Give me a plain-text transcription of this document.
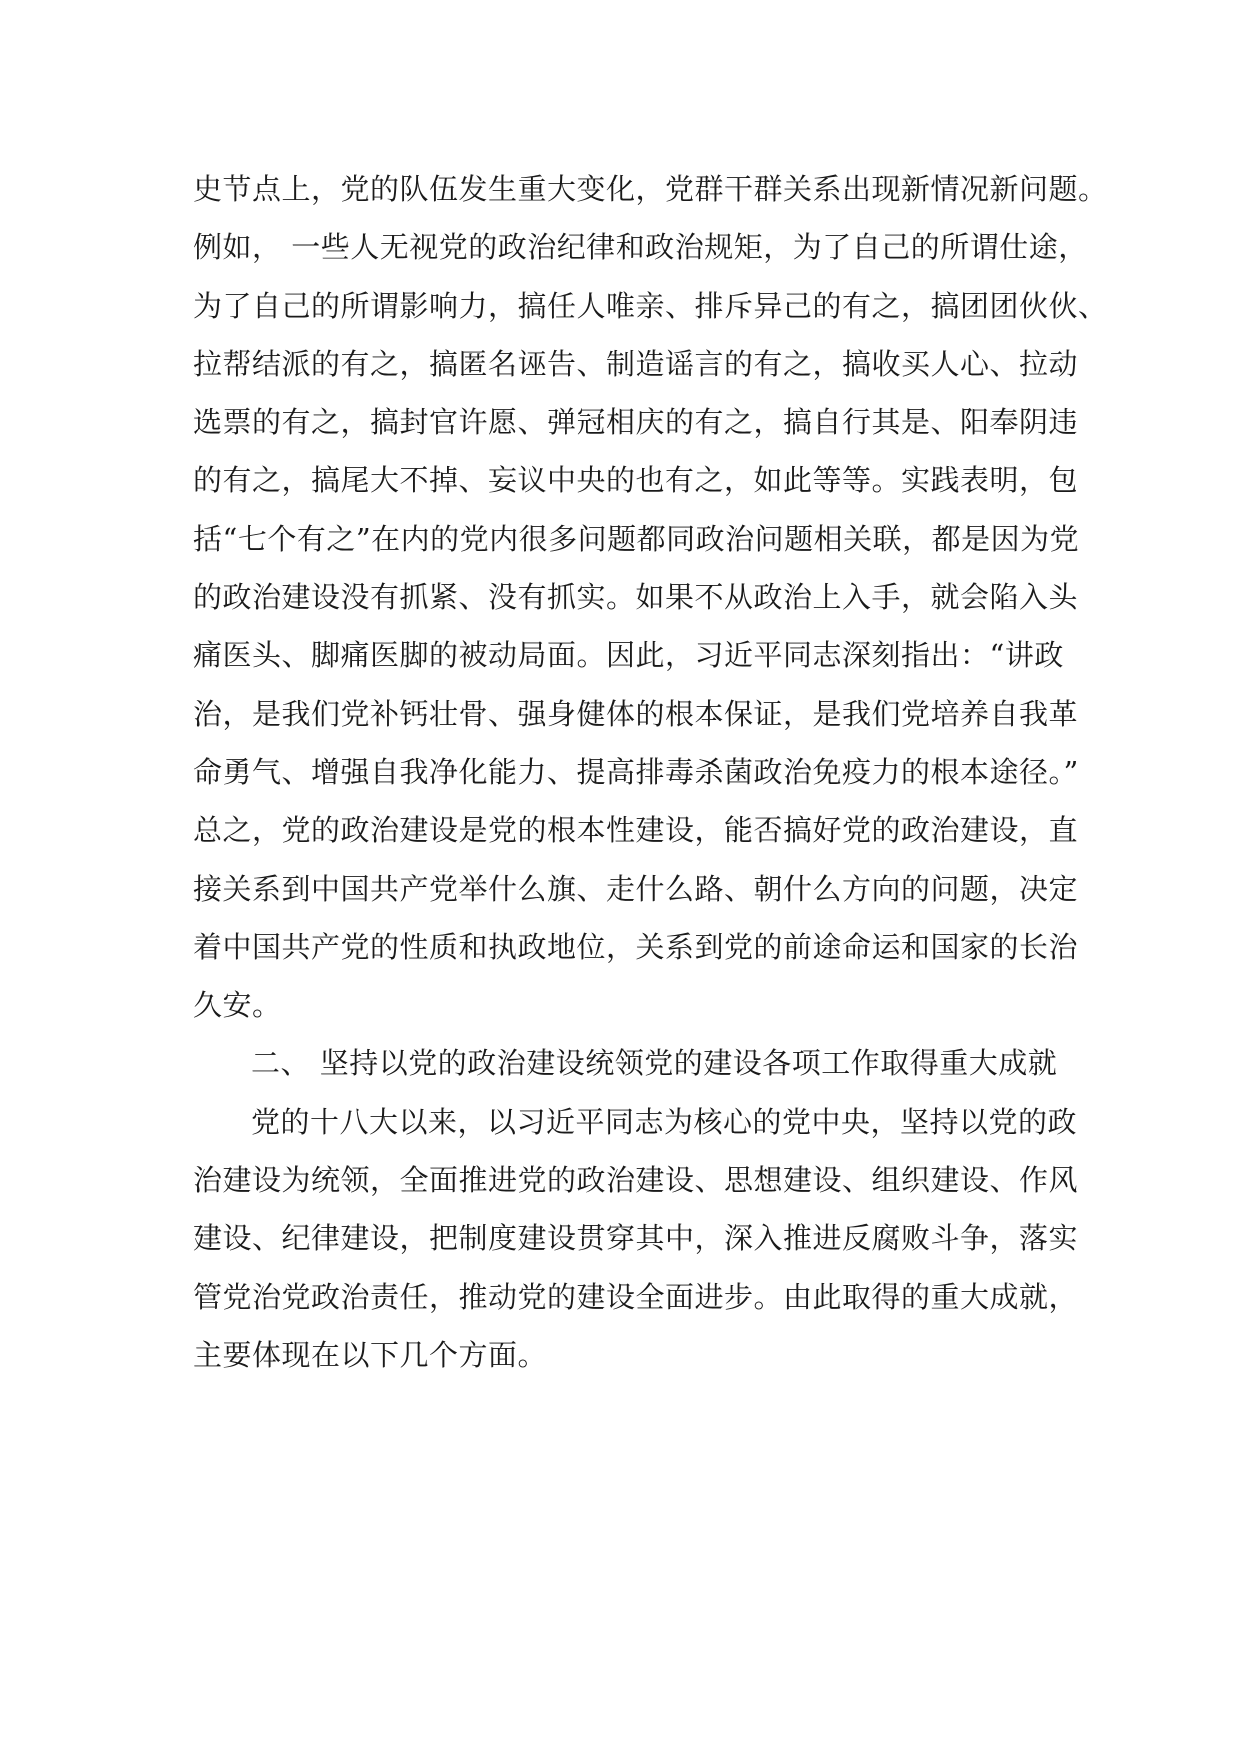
史节点上，党的队伍发生重大变化，党群干群关系出现新情况新问题。
例如， 一些人无视党的政治纪律和政治规矩，为了自己的所谓仕途，
为了自己的所谓影响力，搞任人唯亲、排斥异己的有之，搞团团伙伙、
拉帮结派的有之，搞匿名诬告、制造谣言的有之，搞收买人心、拉动
选票的有之，搞封官许愿、弹冠相庆的有之，搞自行其是、阳奉阴违
的有之，搞尾大不掉、妄议中央的也有之，如此等等。实践表明，包
括“七个有之”在内的党内很多问题都同政治问题相关联，都是因为党
的政治建设没有抓紧、没有抓实。如果不从政治上入手，就会陷入头
痛医头、脚痛医脚的被动局面。因此，习近平同志深刻指出：“讲政
治，是我们党补钙壮骨、强身健体的根本保证，是我们党培养自我革
命勇气、增强自我净化能力、提高排毒杀菌政治免疫力的根本途径。”
总之，党的政治建设是党的根本性建设，能否搞好党的政治建设，直
接关系到中国共产党举什么旗、走什么路、朝什么方向的问题，决定
着中国共产党的性质和执政地位，关系到党的前途命运和国家的长治
久安。
二、 坚持以党的政治建设统领党的建设各项工作取得重大成就
党的十八大以来，以习近平同志为核心的党中央，坚持以党的政
治建设为统领，全面推进党的政治建设、思想建设、组织建设、作风
建设、纪律建设，把制度建设贯穿其中，深入推进反腐败斗争，落实
管党治党政治责任，推动党的建设全面进步。由此取得的重大成就，
主要体现在以下几个方面。
